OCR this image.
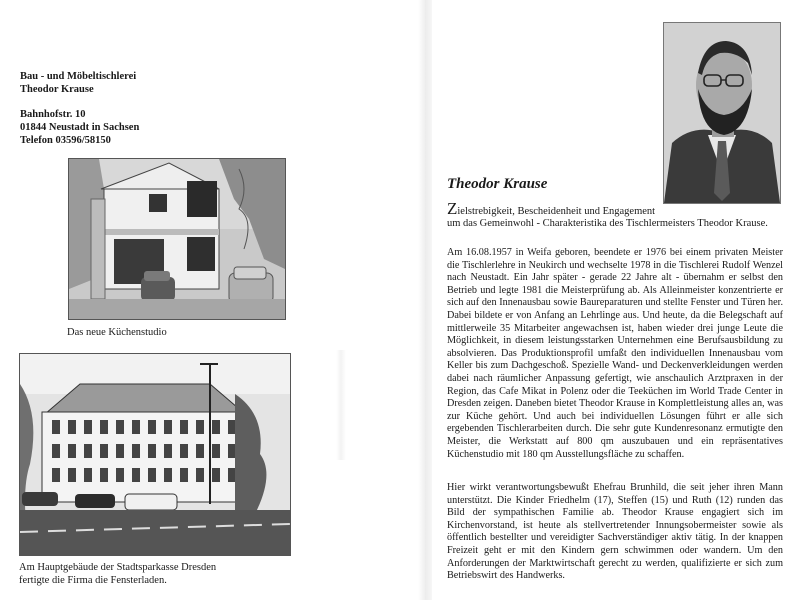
Bau - und Möbeltischlerei
Theodor Krause
Bahnhofstr. 10
01844 Neustadt in Sachsen
Telefon 03596/58150
Das neue Küchenstudio
Am Hauptgebäude der Stadtsparkasse Dresden
fertigte die Firma die Fensterladen.
Theodor Krause
Zielstrebigkeit, Bescheidenheit und Engagement
um das Gemeinwohl - Charakteristika des Tischlermeisters Theodor Krause.
Am 16.08.1957 in Weifa geboren, beendete er 1976 bei einem privaten Meister die Tischlerlehre in Neukirch und wechselte 1978 in die Tischlerei Rudolf Wenzel nach Neustadt. Ein Jahr später - gerade 22 Jahre alt - übernahm er selbst den Betrieb und legte 1981 die Meisterprüfung ab. Als Alleinmeister konzentrierte er sich auf den Innenausbau sowie Baureparaturen und stellte Fenster und Türen her. Dabei bildete er von Anfang an Lehrlinge aus. Und heute, da die Belegschaft auf mittlerweile 35 Mitarbeiter angewachsen ist, haben wieder drei junge Leute die Möglichkeit, in diesem leistungsstarken Unternehmen eine Berufsausbildung zu absolvieren. Das Produktionsprofil umfaßt den individuellen Innenausbau vom Keller bis zum Dachgeschoß. Spezielle Wand- und Deckenverkleidungen werden dabei nach räumlicher Anpassung gefertigt, wie anschaulich Arztpraxen in der Region, das Cafe Mikat in Polenz oder die Teeküchen im World Trade Center in Dresden zeigen. Daneben bietet Theodor Krause in Komplettleistung alles an, was zur Küche gehört. Und auch bei individuellen Lösungen führt er alle sich ergebenden Tischlerarbeiten durch. Die sehr gute Kundenresonanz ermutigte den Meister, die Werkstatt auf 800 qm auszubauen und ein repräsentatives Küchenstudio mit 180 qm Ausstellungsfläche zu schaffen.
Hier wirkt verantwortungsbewußt Ehefrau Brunhild, die seit jeher ihren Mann unterstützt. Die Kinder Friedhelm (17), Steffen (15) und Ruth (12) runden das Bild der sympathischen Familie ab. Theodor Krause engagiert sich im Kirchenvorstand, ist heute als stellvertretender Innungsobermeister sowie als öffentlich bestellter und vereidigter Sachverständiger aktiv tätig. In der knappen Freizeit geht er mit den Kindern gern schwimmen oder wandern. Um den Anforderungen der Marktwirtschaft gerecht zu werden, qualifizierte er sich zum Betriebswirt des Handwerks.
